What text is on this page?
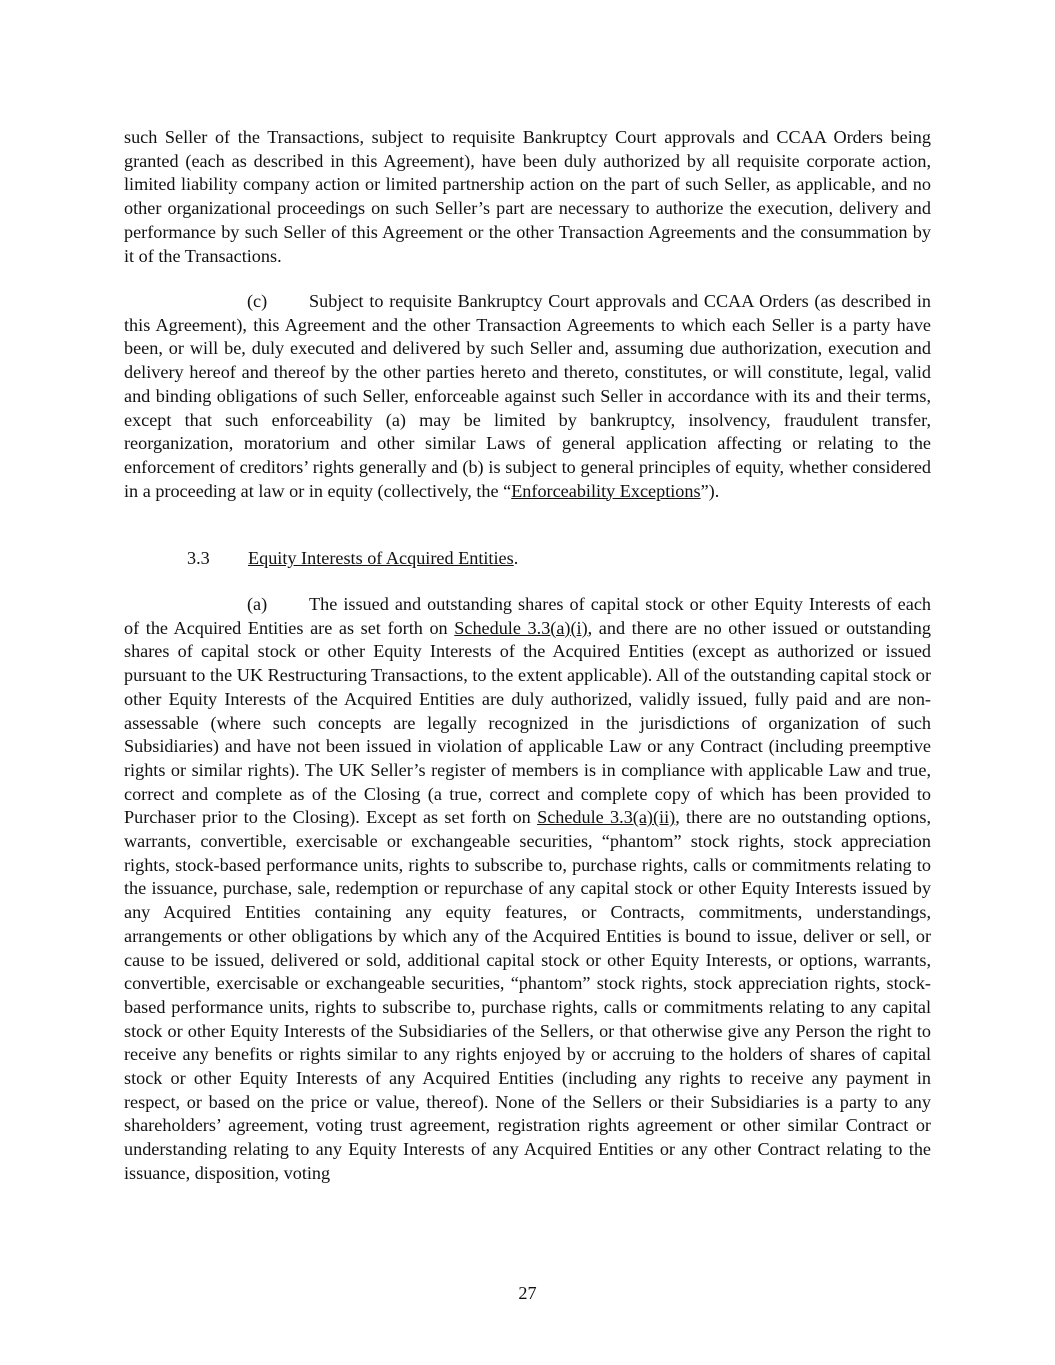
such Seller of the Transactions, subject to requisite Bankruptcy Court approvals and CCAA Orders being granted (each as described in this Agreement), have been duly authorized by all requisite corporate action, limited liability company action or limited partnership action on the part of such Seller, as applicable, and no other organizational proceedings on such Seller’s part are necessary to authorize the execution, delivery and performance by such Seller of this Agreement or the other Transaction Agreements and the consummation by it of the Transactions.

(c) Subject to requisite Bankruptcy Court approvals and CCAA Orders (as described in this Agreement), this Agreement and the other Transaction Agreements to which each Seller is a party have been, or will be, duly executed and delivered by such Seller and, assuming due authorization, execution and delivery hereof and thereof by the other parties hereto and thereto, constitutes, or will constitute, legal, valid and binding obligations of such Seller, enforceable against such Seller in accordance with its and their terms, except that such enforceability (a) may be limited by bankruptcy, insolvency, fraudulent transfer, reorganization, moratorium and other similar Laws of general application affecting or relating to the enforcement of creditors’ rights generally and (b) is subject to general principles of equity, whether considered in a proceeding at law or in equity (collectively, the “Enforceability Exceptions”).

3.3 Equity Interests of Acquired Entities.

(a) The issued and outstanding shares of capital stock or other Equity Interests of each of the Acquired Entities are as set forth on Schedule 3.3(a)(i), and there are no other issued or outstanding shares of capital stock or other Equity Interests of the Acquired Entities (except as authorized or issued pursuant to the UK Restructuring Transactions, to the extent applicable). All of the outstanding capital stock or other Equity Interests of the Acquired Entities are duly authorized, validly issued, fully paid and are non-assessable (where such concepts are legally recognized in the jurisdictions of organization of such Subsidiaries) and have not been issued in violation of applicable Law or any Contract (including preemptive rights or similar rights). The UK Seller’s register of members is in compliance with applicable Law and true, correct and complete as of the Closing (a true, correct and complete copy of which has been provided to Purchaser prior to the Closing). Except as set forth on Schedule 3.3(a)(ii), there are no outstanding options, warrants, convertible, exercisable or exchangeable securities, “phantom” stock rights, stock appreciation rights, stock-based performance units, rights to subscribe to, purchase rights, calls or commitments relating to the issuance, purchase, sale, redemption or repurchase of any capital stock or other Equity Interests issued by any Acquired Entities containing any equity features, or Contracts, commitments, understandings, arrangements or other obligations by which any of the Acquired Entities is bound to issue, deliver or sell, or cause to be issued, delivered or sold, additional capital stock or other Equity Interests, or options, warrants, convertible, exercisable or exchangeable securities, “phantom” stock rights, stock appreciation rights, stock-based performance units, rights to subscribe to, purchase rights, calls or commitments relating to any capital stock or other Equity Interests of the Subsidiaries of the Sellers, or that otherwise give any Person the right to receive any benefits or rights similar to any rights enjoyed by or accruing to the holders of shares of capital stock or other Equity Interests of any Acquired Entities (including any rights to receive any payment in respect, or based on the price or value, thereof). None of the Sellers or their Subsidiaries is a party to any shareholders’ agreement, voting trust agreement, registration rights agreement or other similar Contract or understanding relating to any Equity Interests of any Acquired Entities or any other Contract relating to the issuance, disposition, voting

27
